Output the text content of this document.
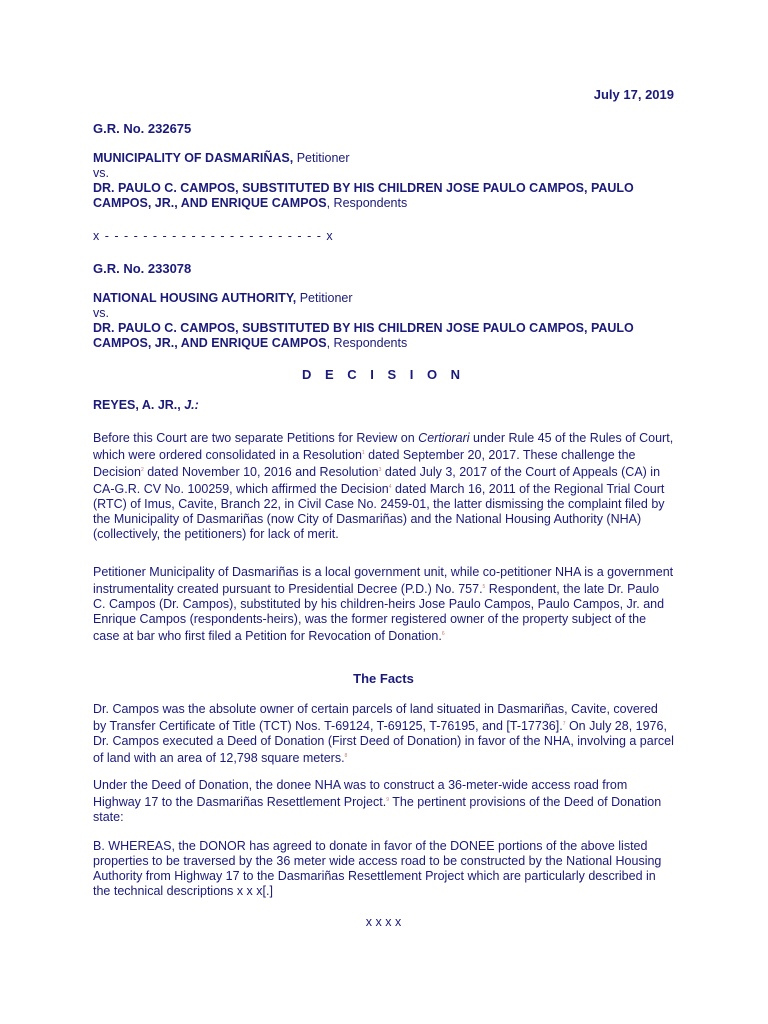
July 17, 2019
G.R. No. 232675

MUNICIPALITY OF DASMARIÑAS, Petitioner

vs.

DR. PAULO C. CAMPOS, SUBSTITUTED BY HIS CHILDREN JOSE PAULO CAMPOS, PAULO CAMPOS, JR., AND ENRIQUE CAMPOS, Respondents

x - - - - - - - - - - - - - - - - - - - - - - - x
G.R. No. 233078

NATIONAL HOUSING AUTHORITY, Petitioner

vs.

DR. PAULO C. CAMPOS, SUBSTITUTED BY HIS CHILDREN JOSE PAULO CAMPOS, PAULO CAMPOS, JR., AND ENRIQUE CAMPOS, Respondents

D E C I S I O N
REYES, A. JR., J.:

Before this Court are two separate Petitions for Review on Certiorari under Rule 45 of the Rules of Court, which were ordered consolidated in a Resolution$^1$ dated September 20, 2017. These challenge the Decision$^2$ dated November 10, 2016 and Resolution$^3$ dated July 3, 2017 of the Court of Appeals (CA) in CA-G.R. CV No. 100259, which affirmed the Decision$^4$ dated March 16, 2011 of the Regional Trial Court (RTC) of Imus, Cavite, Branch 22, in Civil Case No. 2459-01, the latter dismissing the complaint filed by the Municipality of Dasmariñas (now City of Dasmariñas) and the National Housing Authority (NHA) (collectively, the petitioners) for lack of merit.

Petitioner Municipality of Dasmariñas is a local government unit, while co-petitioner NHA is a government instrumentality created pursuant to Presidential Decree (P.D.) No. 757.$^5$ Respondent, the late Dr. Paulo C. Campos (Dr. Campos), substituted by his children-heirs Jose Paulo Campos, Paulo Campos, Jr. and Enrique Campos (respondents-heirs), was the former registered owner of the property subject of the case at bar who first filed a Petition for Revocation of Donation.$^6$

The Facts

Dr. Campos was the absolute owner of certain parcels of land situated in Dasmariñas, Cavite, covered by Transfer Certificate of Title (TCT) Nos. T-69124, T-69125, T-76195, and [T-17736].$^7$ On July 28, 1976, Dr. Campos executed a Deed of Donation (First Deed of Donation) in favor of the NHA, involving a parcel of land with an area of 12,798 square meters.$^8$

Under the Deed of Donation, the donee NHA was to construct a 36-meter-wide access road from Highway 17 to the Dasmariñas Resettlement Project.$^9$ The pertinent provisions of the Deed of Donation state:

B. WHEREAS, the DONOR has agreed to donate in favor of the DONEE portions of the above listed properties to be traversed by the 36 meter wide access road to be constructed by the National Housing Authority from Highway 17 to the Dasmariñas Resettlement Project which are particularly described in the technical descriptions x x x[.]
x x x x
